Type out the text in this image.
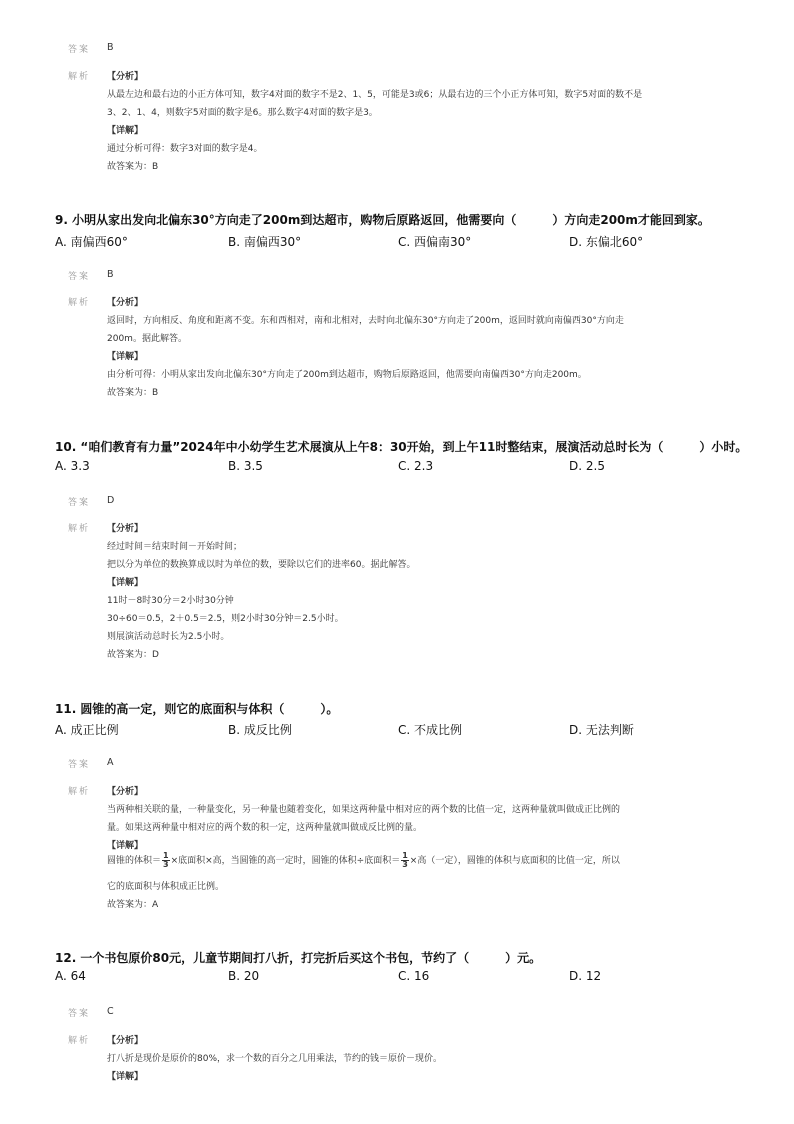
答案 B
解析 【分析】
从最左边和最右边的小正方体可知，数字4对面的数字不是2、1、5，可能是3或6；从最右边的三个小正方体可知，数字5对面的数不是
3、2、1、4，则数字5对面的数字是6。那么数字4对面的数字是3。
【详解】
通过分析可得：数字3对面的数字是4。
故答案为：B
9. 小明从家出发向北偏东30°方向走了200m到达超市，购物后原路返回，他需要向（　　　）方向走200m才能回到家。
A. 南偏西60°	B. 南偏西30°	C. 西偏南30°	D. 东偏北60°
答案 B
解析 【分析】
返回时，方向相反、角度和距离不变。东和西相对，南和北相对，去时向北偏东30°方向走了200m，返回时就向南偏西30°方向走
200m。据此解答。
【详解】
由分析可得：小明从家出发向北偏东30°方向走了200m到达超市，购物后原路返回，他需要向南偏西30°方向走200m。
故答案为：B
10. “咱们教育有力量”2024年中小幼学生艺术展演从上午8：30开始，到上午11时整结束，展演活动总时长为（　　　）小时。
A. 3.3	B. 3.5	C. 2.3	D. 2.5
答案 D
解析 【分析】
经过时间＝结束时间－开始时间；
把以分为单位的数换算成以时为单位的数，要除以它们的进率60。据此解答。
【详解】
11时－8时30分＝2小时30分钟
30÷60＝0.5，2＋0.5＝2.5，则2小时30分钟＝2.5小时。
则展演活动总时长为2.5小时。
故答案为：D
11. 圆锥的高一定，则它的底面积与体积（　　　）。
A. 成正比例	B. 成反比例	C. 不成比例	D. 无法判断
答案 A
解析 【分析】
当两种相关联的量，一种量变化，另一种量也随着变化，如果这两种量中相对应的两个数的比值一定，这两种量就叫做成正比例的
量。如果这两种量中相对应的两个数的积一定，这两种量就叫做成反比例的量。
【详解】
圆锥的体积＝ $\frac{1}{3}$ ×底面积×高，当圆锥的高一定时，圆锥的体积÷底面积＝ $\frac{1}{3}$ ×高（一定），圆锥的体积与底面积的比值一定，所以
它的底面积与体积成正比例。
故答案为：A
12. 一个书包原价80元，儿童节期间打八折，打完折后买这个书包，节约了（　　　）元。
A. 64	B. 20	C. 16	D. 12
答案 C
解析 【分析】
打八折是现价是原价的80%，求一个数的百分之几用乘法，节约的钱＝原价－现价。
【详解】
